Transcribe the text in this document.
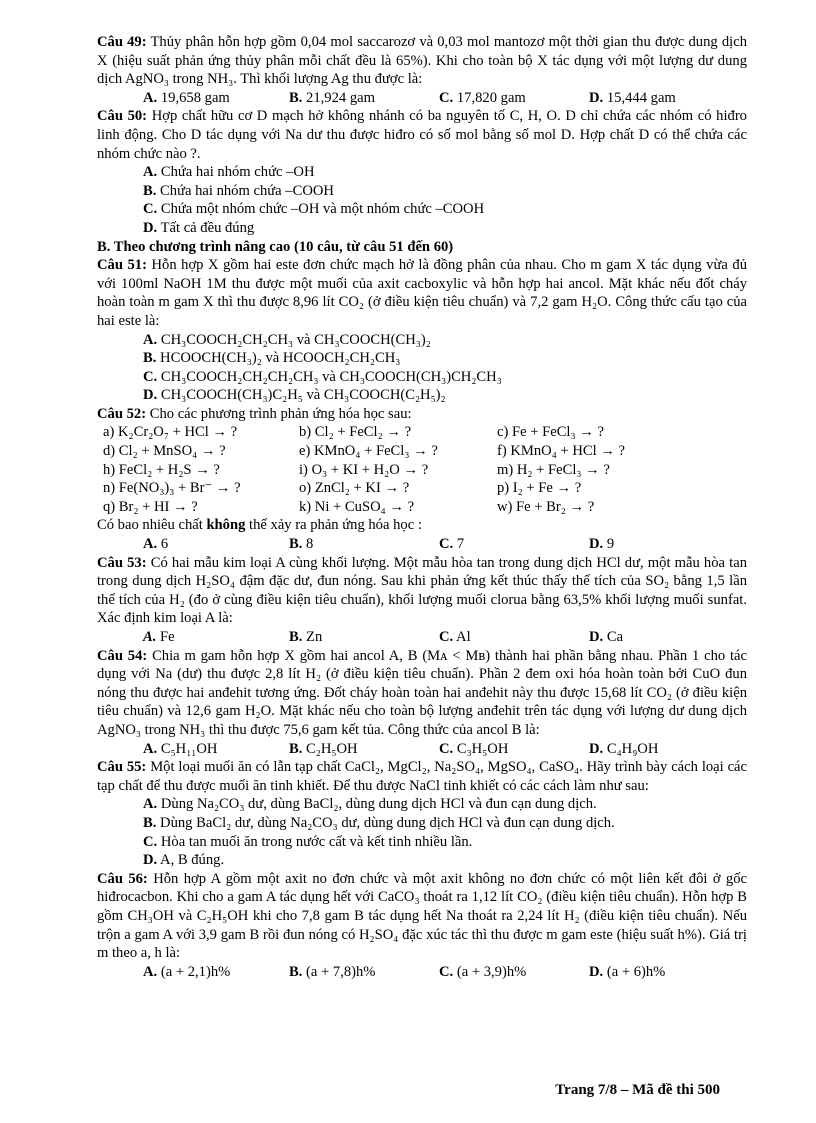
Câu 49: Thủy phân hỗn hợp gồm 0,04 mol saccarozơ và 0,03 mol mantozơ một thời gian thu được dung dịch X (hiệu suất phản ứng thủy phân mỗi chất đều là 65%). Khi cho toàn bộ X tác dụng với một lượng dư dung dịch AgNO₃ trong NH₃. Thì khối lượng Ag thu được là:

A. 19,658 gam	B. 21,924 gam	C. 17,820 gam	D. 15,444 gam

Câu 50: Hợp chất hữu cơ D mạch hở không nhánh có ba nguyên tố C, H, O. D chỉ chứa các nhóm có hiđro linh động. Cho D tác dụng với Na dư thu được hiđro có số mol bằng số mol D. Hợp chất D có thể chứa các nhóm chức nào ?.

A. Chứa hai nhóm chức –OH
B. Chứa hai nhóm chứa –COOH
C. Chứa một nhóm chức –OH và một nhóm chức –COOH
D. Tất cả đều đúng

B. Theo chương trình nâng cao (10 câu, từ câu 51 đến 60)

Câu 51: Hỗn hợp X gồm hai este đơn chức mạch hở là đồng phân của nhau. Cho m gam X tác dụng vừa đủ với 100ml NaOH 1M thu được một muối của axit cacboxylic và hỗn hợp hai ancol. Mặt khác nếu đốt cháy hoàn toàn m gam X thì thu được 8,96 lít CO₂ (ở điều kiện tiêu chuẩn) và 7,2 gam H₂O. Công thức cấu tạo của hai este là:

A. CH₃COOCH₂CH₂CH₃ và CH₃COOCH(CH₃)₂
B. HCOOCH(CH₃)₂ và HCOOCH₂CH₂CH₃
C. CH₃COOCH₂CH₂CH₂CH₃ và CH₃COOCH(CH₃)CH₂CH₃
D. CH₃COOCH(CH₃)C₂H₅ và CH₃COOCH(C₂H₅)₂

Câu 52: Cho các phương trình phản ứng hóa học sau:

a) K₂Cr₂O₇ + HCl → ?	b) Cl₂ + FeCl₂ → ?	c) Fe + FeCl₃ → ?
d) Cl₂ + MnSO₄ → ?	e) KMnO₄ + FeCl₃ → ?	f) KMnO₄ + HCl → ?
h) FeCl₂ + H₂S → ?	i) O₃ + KI + H₂O → ?	m) H₂ + FeCl₃ → ?
n) Fe(NO₃)₃ + Br⁻ → ?	o) ZnCl₂ + KI → ?	p) I₂ + Fe → ?
q) Br₂ + HI → ?	k) Ni + CuSO₄ → ?	w) Fe + Br₂ → ?

Có bao nhiêu chất không thể xảy ra phản ứng hóa học :

A. 6	B. 8	C. 7	D. 9

Câu 53: Có hai mẫu kim loại A cùng khối lượng. Một mẫu hòa tan trong dung dịch HCl dư, một mẫu hòa tan trong dung dịch H₂SO₄ đậm đặc dư, đun nóng. Sau khi phản ứng kết thúc thấy thể tích của SO₂ bằng 1,5 lần thể tích của H₂ (đo ở cùng điều kiện tiêu chuẩn), khối lượng muối clorua bằng 63,5% khối lượng muối sunfat. Xác định kim loại A là:

A. Fe	B. Zn	C. Al	D. Ca

Câu 54: Chia m gam hỗn hợp X gồm hai ancol A, B (Mᴀ < Mʙ) thành hai phần bằng nhau. Phần 1 cho tác dụng với Na (dư) thu được 2,8 lít H₂ (ở điều kiện tiêu chuẩn). Phần 2 đem oxi hóa hoàn toàn bởi CuO đun nóng thu được hai anđehit tương ứng. Đốt cháy hoàn toàn hai anđehit này thu được 15,68 lít CO₂ (ở điều kiện tiêu chuẩn) và 12,6 gam H₂O. Mặt khác nếu cho toàn bộ lượng anđehit trên tác dụng với lượng dư dung dịch AgNO₃ trong NH₃ thì thu được 75,6 gam kết tủa. Công thức của ancol B là:

A. C₅H₁₁OH	B. C₂H₅OH	C. C₃H₅OH	D. C₄H₉OH

Câu 55: Một loại muối ăn có lẫn tạp chất CaCl₂, MgCl₂, Na₂SO₄, MgSO₄, CaSO₄. Hãy trình bày cách loại các tạp chất để thu được muối ăn tinh khiết. Để thu được NaCl tinh khiết có các cách làm như sau:

A. Dùng Na₂CO₃ dư, dùng BaCl₂, dùng dung dịch HCl và đun cạn dung dịch.
B. Dùng BaCl₂ dư, dùng Na₂CO₃ dư, dùng dung dịch HCl và đun cạn dung dịch.
C. Hòa tan muối ăn trong nước cất và kết tinh nhiều lần.
D. A, B đúng.

Câu 56: Hỗn hợp A gồm một axit no đơn chức và một axit không no đơn chức có một liên kết đôi ở gốc hiđrocacbon. Khi cho a gam A tác dụng hết với CaCO₃ thoát ra 1,12 lít CO₂ (điều kiện tiêu chuẩn). Hỗn hợp B gồm CH₃OH và C₂H₅OH khi cho 7,8 gam B tác dụng hết Na thoát ra 2,24 lít H₂ (điều kiện tiêu chuẩn). Nếu trộn a gam A với 3,9 gam B rồi đun nóng có H₂SO₄ đặc xúc tác thì thu được m gam este (hiệu suất h%). Giá trị m theo a, h là:

A. (a + 2,1)h%	B. (a + 7,8)h%	C. (a + 3,9)h%	D. (a + 6)h%
Trang 7/8 – Mã đề thi 500
